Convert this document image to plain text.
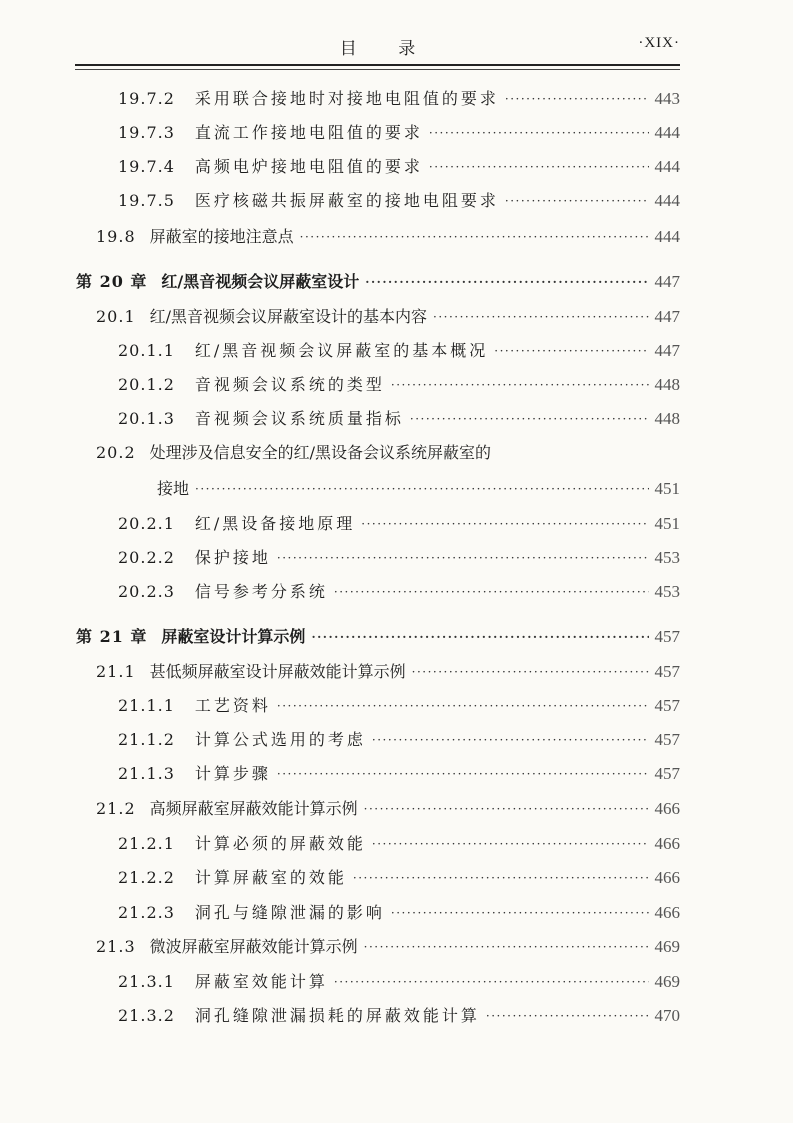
目 录	·XIX·
19.7.2 采用联合接地时对接地电阻值的要求 ·····	443
19.7.3 直流工作接地电阻值的要求 ·····	444
19.7.4 高频电炉接地电阻值的要求 ·····	444
19.7.5 医疗核磁共振屏蔽室的接地电阻要求 ·····	444
19.8 屏蔽室的接地注意点 ·····	444
第 20 章 红/黑音视频会议屏蔽室设计 ·····	447
20.1 红/黑音视频会议屏蔽室设计的基本内容 ·····	447
20.1.1 红/黑音视频会议屏蔽室的基本概况 ·····	447
20.1.2 音视频会议系统的类型 ·····	448
20.1.3 音视频会议系统质量指标 ·····	448
20.2 处理涉及信息安全的红/黑设备会议系统屏蔽室的
接地 ·····	451
20.2.1 红/黑设备接地原理 ·····	451
20.2.2 保护接地 ·····	453
20.2.3 信号参考分系统 ·····	453
第 21 章 屏蔽室设计计算示例 ·····	457
21.1 甚低频屏蔽室设计屏蔽效能计算示例 ·····	457
21.1.1 工艺资料 ·····	457
21.1.2 计算公式选用的考虑 ·····	457
21.1.3 计算步骤 ·····	457
21.2 高频屏蔽室屏蔽效能计算示例 ·····	466
21.2.1 计算必须的屏蔽效能 ·····	466
21.2.2 计算屏蔽室的效能 ·····	466
21.2.3 洞孔与缝隙泄漏的影响 ·····	466
21.3 微波屏蔽室屏蔽效能计算示例 ·····	469
21.3.1 屏蔽室效能计算 ·····	469
21.3.2 洞孔缝隙泄漏损耗的屏蔽效能计算 ·····	470
